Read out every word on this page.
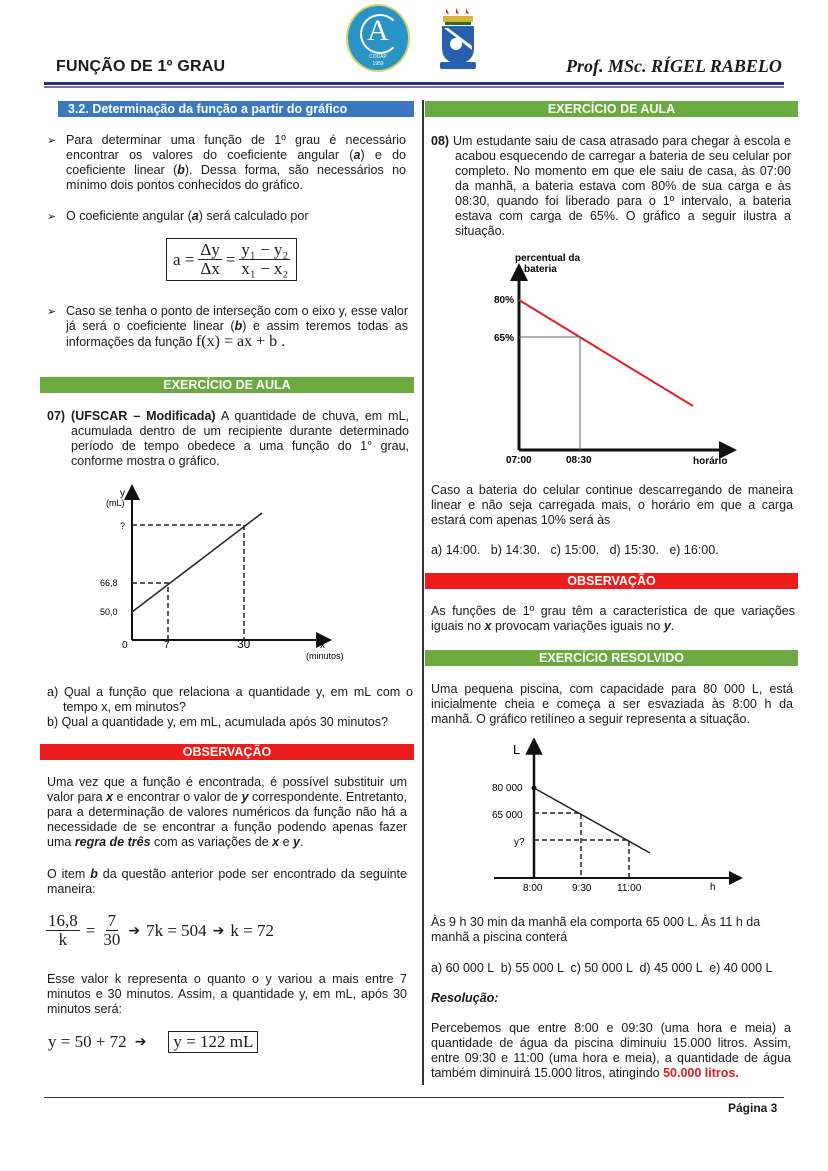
FUNÇÃO DE 1º GRAU
A
CODAP
1959	Prof. MSc. RÍGEL RABELO
3.2. Determinação da função a partir do gráfico
➢ Para determinar uma função de 1º grau é necessário encontrar os valores do coeficiente angular (a) e do coeficiente linear (b). Dessa forma, são necessários no mínimo dois pontos conhecidos do gráfico.
➢ O coeficiente angular (a) será calculado por
$a = \frac{\Delta y}{\Delta x} = \frac{\text{y₁ − y₂}}{\text{x₁ − x₂}}$
➢ Caso se tenha o ponto de interseção com o eixo y, esse valor já será o coeficiente linear (b) e assim teremos todas as informações da função f(x) = ax + b .
EXERCÍCIO DE AULA
07) (UFSCAR – Modificada) A quantidade de chuva, em mL, acumulada dentro de um recipiente durante determinado período de tempo obedece a uma função do 1° grau, conforme mostra o gráfico.
y
(mL)
?
66,8
50,0
0	7	30	x
(minutos)
a) Qual a função que relaciona a quantidade y, em mL com o tempo x, em minutos?
b) Qual a quantidade y, em mL, acumulada após 30 minutos?
OBSERVAÇÃO
Uma vez que a função é encontrada, é possível substituir um valor para x e encontrar o valor de y correspondente. Entretanto, para a determinação de valores numéricos da função não há a necessidade de se encontrar a função podendo apenas fazer uma regra de três com as variações de x e y.
O item b da questão anterior pode ser encontrado da seguinte maneira:
$\frac{16,8}{k} = \frac{7}{30}$ ➔ 7k = 504 ➔ k = 72
Esse valor k representa o quanto o y variou a mais entre 7 minutos e 30 minutos. Assim, a quantidade y, em mL, após 30 minutos será:
y = 50 + 72 ➔ y = 122 mL
EXERCÍCIO DE AULA
08) Um estudante saiu de casa atrasado para chegar à escola e acabou esquecendo de carregar a bateria de seu celular por completo. No momento em que ele saiu de casa, às 07:00 da manhã, a bateria estava com 80% de sua carga e às 08:30, quando foi liberado para o 1º intervalo, a bateria estava com carga de 65%. O gráfico a seguir ilustra a situação.
percentual da
bateria
80%
65%
07:00	08:30	horário
Caso a bateria do celular continue descarregando de maneira linear e não seja carregada mais, o horário em que a carga estará com apenas 10% será às
a) 14:00.   b) 14:30.   c) 15:00.   d) 15:30.   e) 16:00.
OBSERVAÇÃO
As funções de 1º grau têm a característica de que variações iguais no x provocam variações iguais no y.
EXERCÍCIO RESOLVIDO
Uma pequena piscina, com capacidade para 80 000 L, está inicialmente cheia e começa a ser esvaziada às 8:00 h da manhã. O gráfico retilíneo a seguir representa a situação.
L
80 000
65 000
y?
8:00	9:30	11:00	h
Às 9 h 30 min da manhã ela comporta 65 000 L. Às 11 h da manhã a piscina conterá
a) 60 000 L  b) 55 000 L  c) 50 000 L  d) 45 000 L  e) 40 000 L
Resolução:
Percebemos que entre 8:00 e 09:30 (uma hora e meia) a quantidade de água da piscina diminuiu 15.000 litros. Assim, entre 09:30 e 11:00 (uma hora e meia), a quantidade de água também diminuirá 15.000 litros, atingindo 50.000 litros.
Página 3
